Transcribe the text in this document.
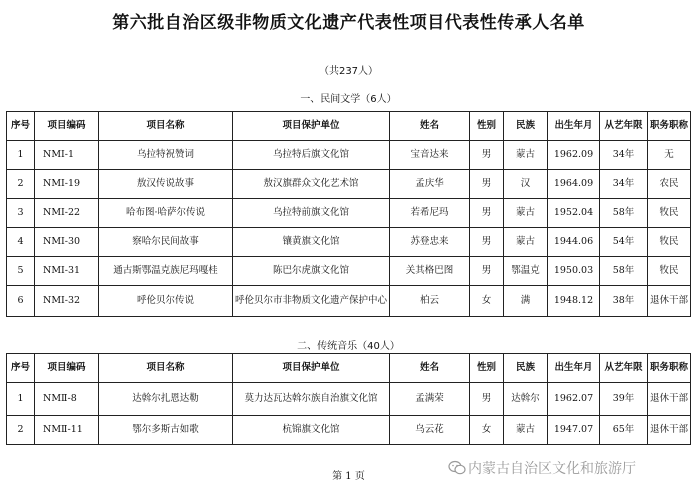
第六批自治区级非物质文化遗产代表性项目代表性传承人名单
（共237人）
一、民间文学（6人）
序号	项目编码	项目名称	项目保护单位	姓名	性别	民族	出生年月	从艺年限	职务职称
1	NMⅠ-1	乌拉特祝赞词	乌拉特后旗文化馆	宝音达来	男	蒙古	1962.09	34年	无
2	NMⅠ-19	敖汉传说故事	敖汉旗群众文化艺术馆	孟庆华	男	汉	1964.09	34年	农民
3	NMⅠ-22	哈布图·哈萨尔传说	乌拉特前旗文化馆	若希尼玛	男	蒙古	1952.04	58年	牧民
4	NMⅠ-30	察哈尔民间故事	镶黄旗文化馆	苏登忠来	男	蒙古	1944.06	54年	牧民
5	NMⅠ-31	通古斯鄂温克族尼玛嘎桂	陈巴尔虎旗文化馆	关其格巴图	男	鄂温克	1950.03	58年	牧民
6	NMⅠ-32	呼伦贝尔传说	呼伦贝尔市非物质文化遗产保护中心	柏云	女	满	1948.12	38年	退休干部
二、传统音乐（40人）
序号	项目编码	项目名称	项目保护单位	姓名	性别	民族	出生年月	从艺年限	职务职称
1	NMⅡ-8	达斡尔扎恩达勒	莫力达瓦达斡尔族自治旗文化馆	孟满荣	男	达斡尔	1962.07	39年	退休干部
2	NMⅡ-11	鄂尔多斯古如歌	杭锦旗文化馆	乌云花	女	蒙古	1947.07	65年	退休干部
第 1 页	内蒙古自治区文化和旅游厅
